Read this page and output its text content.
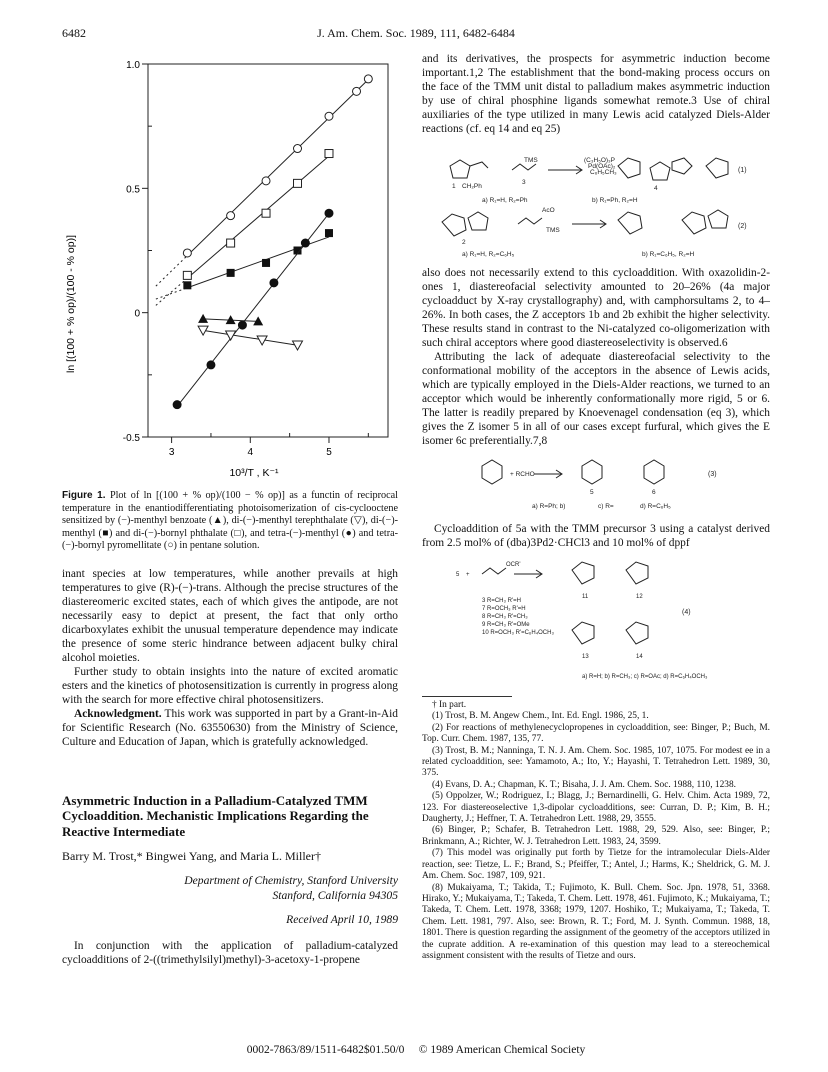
6482	J. Am. Chem. Soc. 1989, 111, 6482-6484
1.0
0.5
0
-0.5
3	4	5
ln [(100 + % op)/(100 - % op)]
10³/T , K⁻¹
Figure 1. Plot of ln [(100 + % op)/(100 − % op)] as a functin of reciprocal temperature in the enantiodifferentiating photoisomerization of cis-cyclooctene sensitized by (−)-menthyl benzoate (▲), di-(−)-menthyl terephthalate (▽), di-(−)-menthyl (■) and di-(−)-bornyl phthalate (□), and tetra-(−)-menthyl (●) and tetra-(−)-bornyl pyromellitate (○) in pentane solution.

inant species at low temperatures, while another prevails at high temperatures to give (R)-(−)-trans. Although the precise structures of the diastereomeric excited states, each of which gives the antipode, are not necessarily easy to depict at present, the fact that only ortho dicarboxylates exhibit the unusual temperature dependence may indicate the presence of some steric hindrance between adjacent bulky chiral alcohol moieties.

Further study to obtain insights into the nature of excited aromatic esters and the kinetics of photosensitization is currently in progress along with the search for more effective chiral photosensitizers.

Acknowledgment. This work was supported in part by a Grant-in-Aid for Scientific Research (No. 63550630) from the Ministry of Science, Culture and Education of Japan, which is gratefully acknowledged.

Asymmetric Induction in a Palladium-Catalyzed TMM Cycloaddition. Mechanistic Implications Regarding the Reactive Intermediate
Barry M. Trost,* Bingwei Yang, and Maria L. Miller†
Department of Chemistry, Stanford University
Stanford, California 94305
Received April 10, 1989

In conjunction with the application of palladium-catalyzed cycloadditions of 2-((trimethylsilyl)methyl)-3-acetoxy-1-propene

and its derivatives, the prospects for asymmetric induction become important.1,2 The establishment that the bond-making process occurs on the face of the TMM unit distal to palladium makes asymmetric induction by use of chiral phosphine ligands somewhat remote.3 Use of chiral auxiliaries of the type utilized in many Lewis acid catalyzed Diels-Alder reactions (cf. eq 14 and eq 25)

TMS	(C₃H₅O)₃P
Pd(OAc)₂
C₆H₅CH₃
1 CH₂Ph
3
4
a) R₁=H, R₂=Ph	b) R₁=Ph, R₂=H
AcO
TMS
2
a) R₁=H, R₂=C₆H₅	b) R₁=C₆H₅, R₂=H
(1)
(2)

also does not necessarily extend to this cycloaddition. With oxazolidin-2-ones 1, diastereofacial selectivity amounted to 20–26% (4a major cycloadduct by X-ray crystallography) and, with camphorsultams 2, to 4–26%. In both cases, the Z acceptors 1b and 2b exhibit the higher selectivity. These results stand in contrast to the Ni-catalyzed co-oligomerization with such chiral acceptors where good diastereoselectivity is observed.6

Attributing the lack of adequate diastereofacial selectivity to the conformational mobility of the acceptors in the absence of Lewis acids, which are typically employed in the Diels-Alder reactions, we turned to an acceptor which would be inherently conformationally more rigid, 5 or 6. The latter is readily prepared by Knoevenagel condensation (eq 3), which gives the Z isomer 5 in all of our cases except furfural, which gives the E isomer 6c preferentially.7,8

+ RCHO
5	6
a) R=Ph; b)	c) R=	d) R=C₆H₅
(3)

Cycloaddition of 5a with the TMM precursor 3 using a catalyst derived from 2.5 mol% of (dba)3Pd2·CHCl3 and 10 mol% of dppf

5 +
OCR'
3 R=CH₃ R'=H
7 R=OCH₃ R'=H
8 R=CH₃ R'=CH₃
9 R=CH₃ R'=OMe
10 R=OCH₃ R'=C₆H₄OCH₃
11	12
13	14
a) R=H; b) R=CH₃; c) R=OAc; d) R=C₆H₄OCH₃
(4)

† In part.

(1) Trost, B. M. Angew Chem., Int. Ed. Engl. 1986, 25, 1.

(2) For reactions of methylenecyclopropenes in cycloaddition, see: Binger, P.; Buch, M. Top. Curr. Chem. 1987, 135, 77.

(3) Trost, B. M.; Nanninga, T. N. J. Am. Chem. Soc. 1985, 107, 1075. For modest ee in a related cycloaddition, see: Yamamoto, A.; Ito, Y.; Hayashi, T. Tetrahedron Lett. 1989, 30, 375.

(4) Evans, D. A.; Chapman, K. T.; Bisaha, J. J. Am. Chem. Soc. 1988, 110, 1238.

(5) Oppolzer, W.; Rodriguez, I.; Blagg, J.; Bernardinelli, G. Helv. Chim. Acta 1989, 72, 123. For diastereoselective 1,3-dipolar cycloadditions, see: Curran, D. P.; Kim, B. H.; Daugherty, J.; Heffner, T. A. Tetrahedron Lett. 1988, 29, 3555.

(6) Binger, P.; Schafer, B. Tetrahedron Lett. 1988, 29, 529. Also, see: Binger, P.; Brinkmann, A.; Richter, W. J. Tetrahedron Lett. 1983, 24, 3599.

(7) This model was originally put forth by Tietze for the intramolecular Diels-Alder reaction, see: Tietze, L. F.; Brand, S.; Pfeiffer, T.; Antel, J.; Harms, K.; Sheldrick, G. M. J. Am. Chem. Soc. 1987, 109, 921.

(8) Mukaiyama, T.; Takida, T.; Fujimoto, K. Bull. Chem. Soc. Jpn. 1978, 51, 3368. Hirako, Y.; Mukaiyama, T.; Takeda, T. Chem. Lett. 1978, 461. Fujimoto, K.; Mukaiyama, T.; Takeda, T. Chem. Lett. 1978, 3368; 1979, 1207. Hoshiko, T.; Mukaiyama, T.; Takeda, T. Chem. Lett. 1981, 797. Also, see: Brown, R. T.; Ford, M. J. Synth. Commun. 1988, 18, 1801. There is question regarding the assignment of the geometry of the acceptors utilized in the cuprate addition. A re-examination of this question may lead to a stereochemical assignment consistent with the results of Tietze and ours.

0002-7863/89/1511-6482$01.50/0 © 1989 American Chemical Society
